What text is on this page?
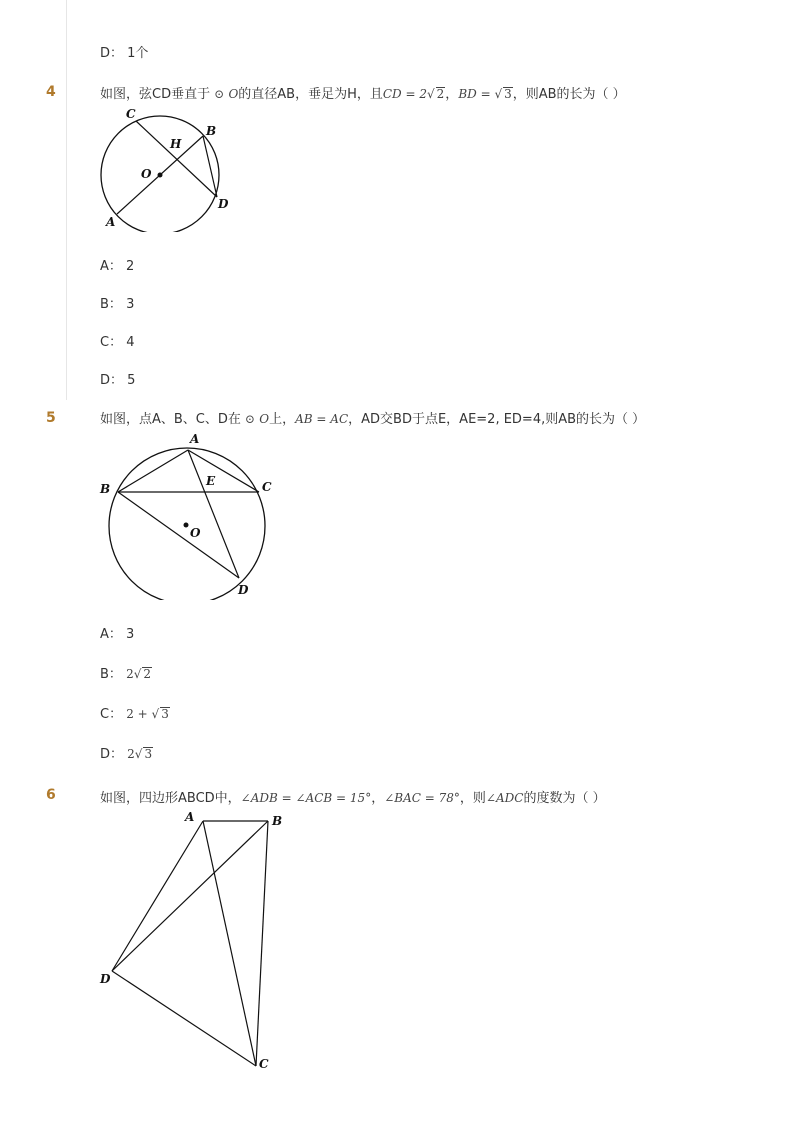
D： 1个
4	如图，弦CD垂直于 ⊙ O的直径AB，垂足为H，且CD = 2√ 2，BD = √ 3，则AB的长为（ ）
C
B
H
O
D
A
A： 2
B： 3
C： 4
D： 5
5	如图，点A、B、C、D在 ⊙ O上，AB = AC，AD交BD于点E，AE=2, ED=4,则AB的长为（ ）
A
B	C
E
O
D
A： 3
B： 2√ 2
C： 2 + √ 3
D： 2√ 3
6	如图，四边形ABCD中，∠ADB = ∠ACB = 15°，∠BAC = 78°，则∠ADC的度数为（ ）
A	B
D
C
